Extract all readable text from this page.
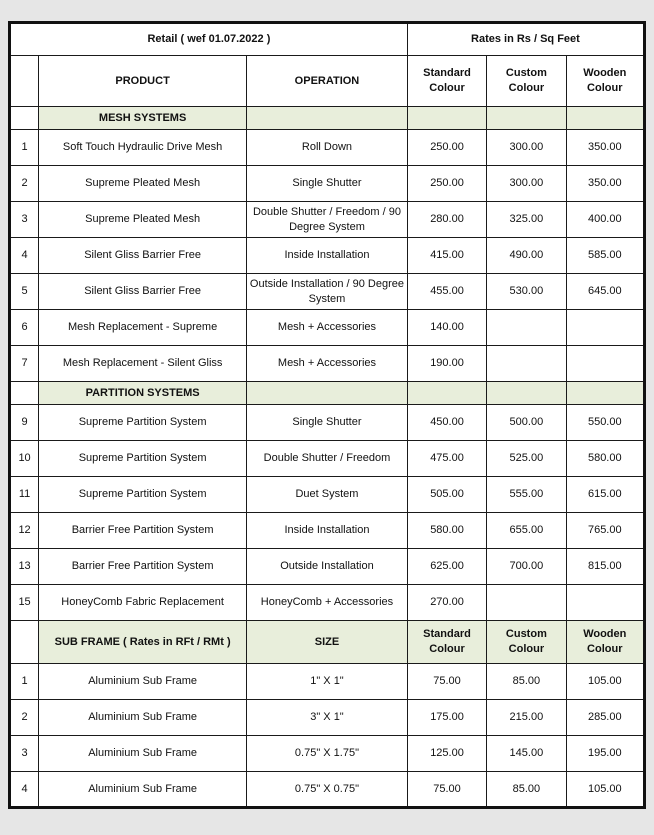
Retail ( wef 01.07.2022 )			Rates in Rs / Sq Feet		
	PRODUCT	OPERATION	Standard Colour	Custom Colour	Wooden Colour
	MESH SYSTEMS				
1	Soft Touch Hydraulic Drive Mesh	Roll Down	250.00	300.00	350.00
2	Supreme Pleated Mesh	Single Shutter	250.00	300.00	350.00
3	Supreme Pleated Mesh	Double Shutter / Freedom / 90 Degree System	280.00	325.00	400.00
4	Silent Gliss Barrier Free	Inside Installation	415.00	490.00	585.00
5	Silent Gliss Barrier Free	Outside Installation / 90 Degree System	455.00	530.00	645.00
6	Mesh Replacement - Supreme	Mesh + Accessories	140.00		
7	Mesh Replacement - Silent Gliss	Mesh + Accessories	190.00		
	PARTITION SYSTEMS				
9	Supreme Partition System	Single Shutter	450.00	500.00	550.00
10	Supreme Partition System	Double Shutter / Freedom	475.00	525.00	580.00
11	Supreme Partition System	Duet System	505.00	555.00	615.00
12	Barrier Free Partition System	Inside Installation	580.00	655.00	765.00
13	Barrier Free Partition System	Outside Installation	625.00	700.00	815.00
15	HoneyComb Fabric Replacement	HoneyComb + Accessories	270.00		
	SUB FRAME ( Rates in RFt / RMt )	SIZE	Standard Colour	Custom Colour	Wooden Colour
1	Aluminium Sub Frame	1" X 1"	75.00	85.00	105.00
2	Aluminium Sub Frame	3" X 1"	175.00	215.00	285.00
3	Aluminium Sub Frame	0.75" X 1.75"	125.00	145.00	195.00
4	Aluminium Sub Frame	0.75" X 0.75"	75.00	85.00	105.00
